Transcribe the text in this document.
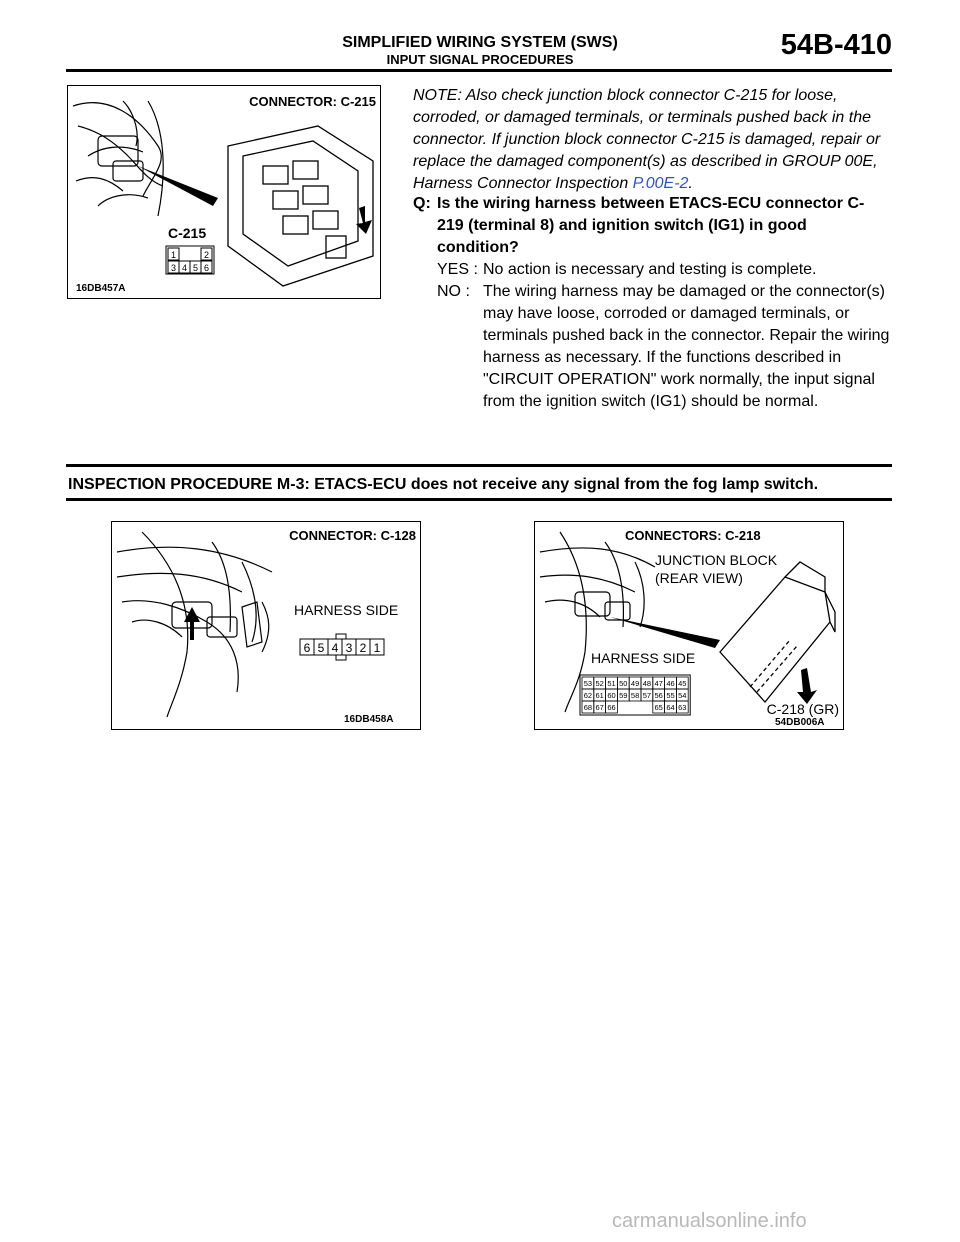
SIMPLIFIED WIRING SYSTEM (SWS)
INPUT SIGNAL PROCEDURES	54B-410
CONNECTOR: C-215
C-215
1	2
3 4 5 6
16DB457A
NOTE: Also check junction block connector C-215 for loose, corroded, or damaged terminals, or terminals pushed back in the connector. If junction block connector C-215 is damaged, repair or replace the damaged component(s) as described in GROUP 00E, Harness Connector Inspection P.00E-2.
Q: Is the wiring harness between ETACS-ECU connector C-219 (terminal 8) and ignition switch (IG1) in good condition?
YES : No action is necessary and testing is complete.
NO : The wiring harness may be damaged or the connector(s) may have loose, corroded or damaged terminals, or terminals pushed back in the connector. Repair the wiring harness as necessary. If the functions described in "CIRCUIT OPERATION" work normally, the input signal from the ignition switch (IG1) should be normal.
INSPECTION PROCEDURE M-3: ETACS-ECU does not receive any signal from the fog lamp switch.
CONNECTOR: C-128
HARNESS SIDE
6 5 4 3 2 1
16DB458A
CONNECTORS: C-218
JUNCTION BLOCK
(REAR VIEW)
HARNESS SIDE
53 52 51 50 49 48 47 46 45
62 61 60 59 58 57 56 55 54
68 67 66	65 64 63	C-218 (GR)
54DB006A
carmanualsonline.info
